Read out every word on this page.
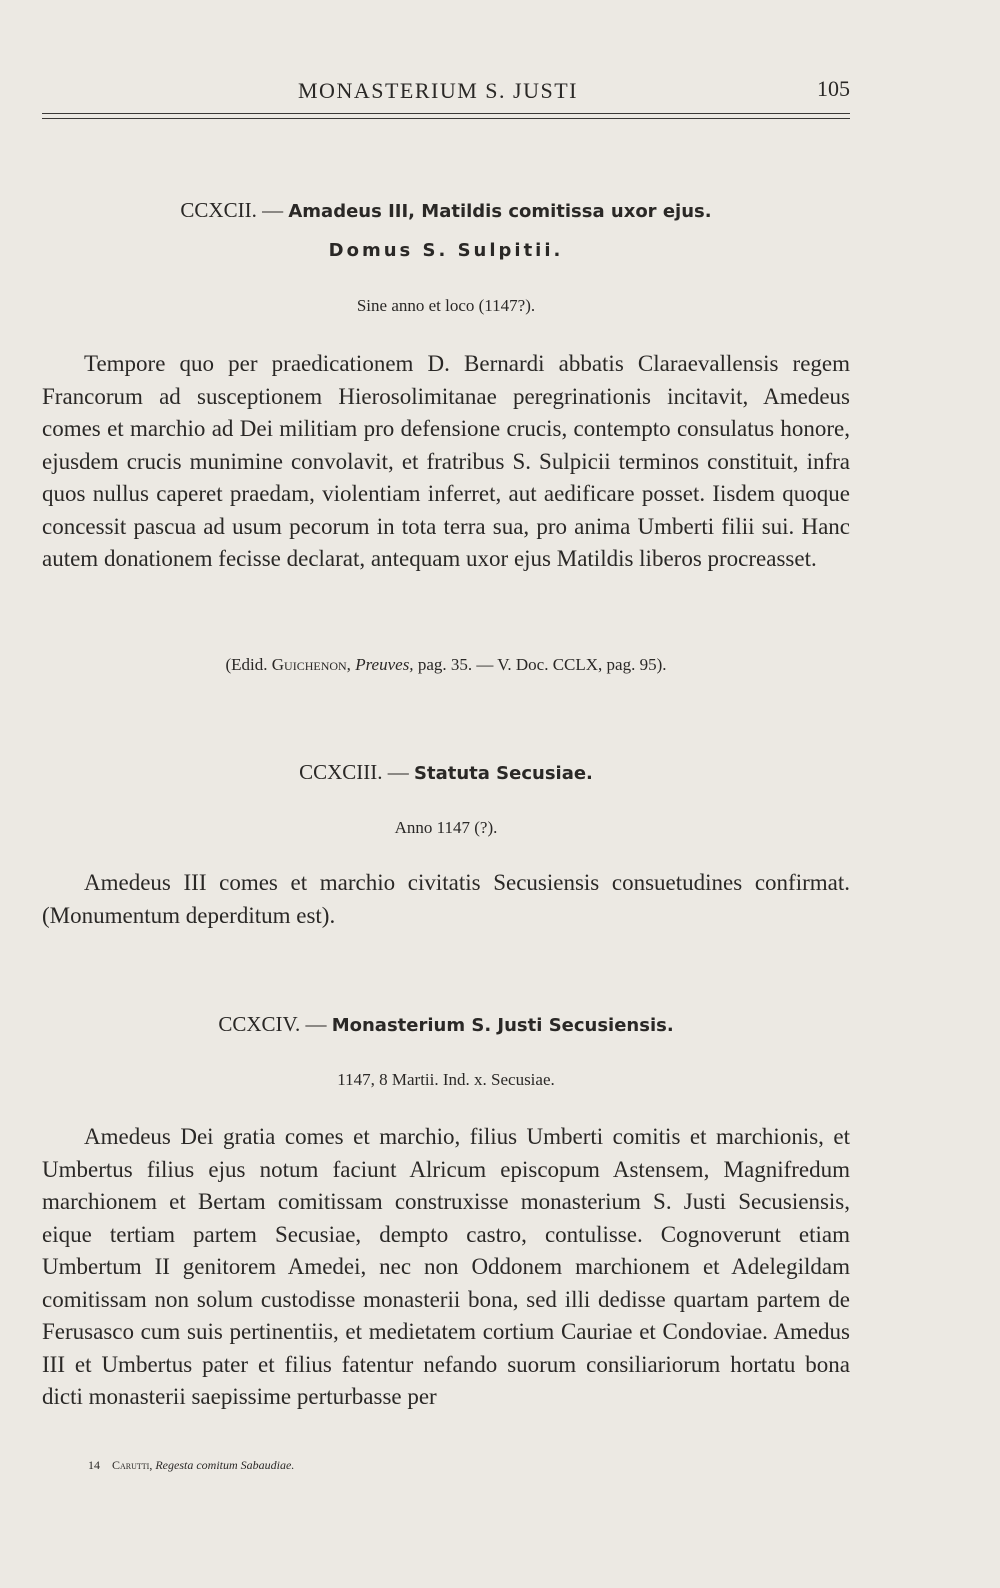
MONASTERIUM S. JUSTI	105
CCXCII. — Amadeus III, Matildis comitissa uxor ejus.
Domus S. Sulpitii.
Sine anno et loco (1147?).
Tempore quo per praedicationem D. Bernardi abbatis Claraevallensis regem Francorum ad susceptionem Hierosolimitanae peregrinationis incitavit, Amedeus comes et marchio ad Dei militiam pro defensione crucis, contempto consulatus honore, ejusdem crucis munimine convolavit, et fratribus S. Sulpicii terminos constituit, infra quos nullus caperet praedam, violentiam inferret, aut aedificare posset. Iisdem quoque concessit pascua ad usum pecorum in tota terra sua, pro anima Umberti filii sui. Hanc autem donationem fecisse declarat, antequam uxor ejus Matildis liberos procreasset.
(Edid. Guichenon, Preuves, pag. 35. — V. Doc. CCLX, pag. 95).
CCXCIII. — Statuta Secusiae.
Anno 1147 (?).
Amedeus III comes et marchio civitatis Secusiensis consuetudines confirmat. (Monumentum deperditum est).
CCXCIV. — Monasterium S. Justi Secusiensis.
1147, 8 Martii. Ind. x. Secusiae.
Amedeus Dei gratia comes et marchio, filius Umberti comitis et marchionis, et Umbertus filius ejus notum faciunt Alricum episcopum Astensem, Magnifredum marchionem et Bertam comitissam construxisse monasterium S. Justi Secusiensis, eique tertiam partem Secusiae, dempto castro, contulisse. Cognoverunt etiam Umbertum II genitorem Amedei, nec non Oddonem marchionem et Adelegildam comitissam non solum custodisse monasterii bona, sed illi dedisse quartam partem de Ferusasco cum suis pertinentiis, et medietatem cortium Cauriae et Condoviae. Amedus III et Umbertus pater et filius fatentur nefando suorum consiliariorum hortatu bona dicti monasterii saepissime perturbasse per
14 Carutti, Regesta comitum Sabaudiae.
